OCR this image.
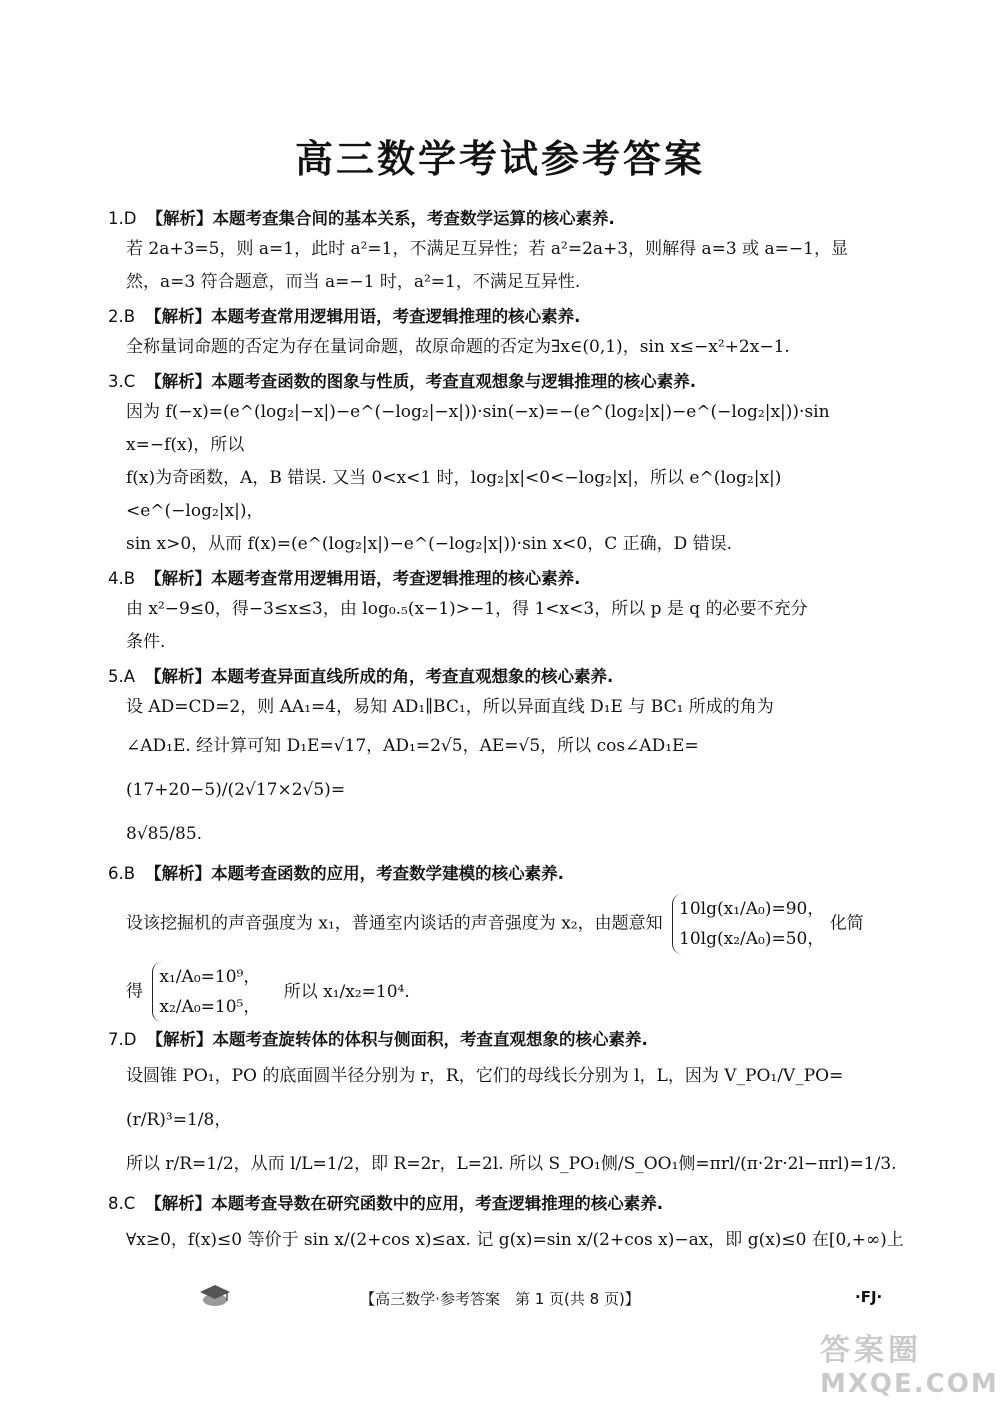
高三数学考试参考答案
1.D 【解析】本题考查集合间的基本关系，考查数学运算的核心素养.
若 2a+3=5，则 a=1，此时 a²=1，不满足互异性；若 a²=2a+3，则解得 a=3 或 a=−1，显
然，a=3 符合题意，而当 a=−1 时，a²=1，不满足互异性.
2.B 【解析】本题考查常用逻辑用语，考查逻辑推理的核心素养.
全称量词命题的否定为存在量词命题，故原命题的否定为∃x∈(0,1)，sin x≤−x²+2x−1.
3.C 【解析】本题考查函数的图象与性质，考查直观想象与逻辑推理的核心素养.
因为 f(−x)=(e^(log₂|−x|)−e^(−log₂|−x|))·sin(−x)=−(e^(log₂|x|)−e^(−log₂|x|))·sin x=−f(x)，所以
f(x)为奇函数，A，B 错误. 又当 0<x<1 时，log₂|x|<0<−log₂|x|，所以 e^(log₂|x|)<e^(−log₂|x|)，
sin x>0，从而 f(x)=(e^(log₂|x|)−e^(−log₂|x|))·sin x<0，C 正确，D 错误.
4.B 【解析】本题考查常用逻辑用语，考查逻辑推理的核心素养.
由 x²−9≤0，得−3≤x≤3，由 log₀.₅(x−1)>−1，得 1<x<3，所以 p 是 q 的必要不充分
条件.
5.A 【解析】本题考查异面直线所成的角，考查直观想象的核心素养.
设 AD=CD=2，则 AA₁=4，易知 AD₁∥BC₁，所以异面直线 D₁E 与 BC₁ 所成的角为
∠AD₁E. 经计算可知 D₁E=√17，AD₁=2√5，AE=√5，所以 cos∠AD₁E=(17+20−5)/(2√17×2√5)=
8√85/85.
6.B 【解析】本题考查函数的应用，考查数学建模的核心素养.
设该挖掘机的声音强度为 x₁，普通室内谈话的声音强度为 x₂，由题意知
10lg(x₁/A₀)=90，
10lg(x₂/A₀)=50，
化简
得
x₁/A₀=10⁹，
x₂/A₀=10⁵，
所以 x₁/x₂=10⁴.
7.D 【解析】本题考查旋转体的体积与侧面积，考查直观想象的核心素养.
设圆锥 PO₁，PO 的底面圆半径分别为 r，R，它们的母线长分别为 l，L，因为 V_PO₁/V_PO=(r/R)³=1/8，
所以 r/R=1/2，从而 l/L=1/2，即 R=2r，L=2l. 所以 S_PO₁侧/S_OO₁侧=πrl/(π·2r·2l−πrl)=1/3.
8.C 【解析】本题考查导数在研究函数中的应用，考查逻辑推理的核心素养.
∀x≥0，f(x)≤0 等价于 sin x/(2+cos x)≤ax. 记 g(x)=sin x/(2+cos x)−ax，即 g(x)≤0 在[0,+∞)上
【高三数学·参考答案　第 1 页(共 8 页)】	·FJ·
答案圈
MXQE.COM
